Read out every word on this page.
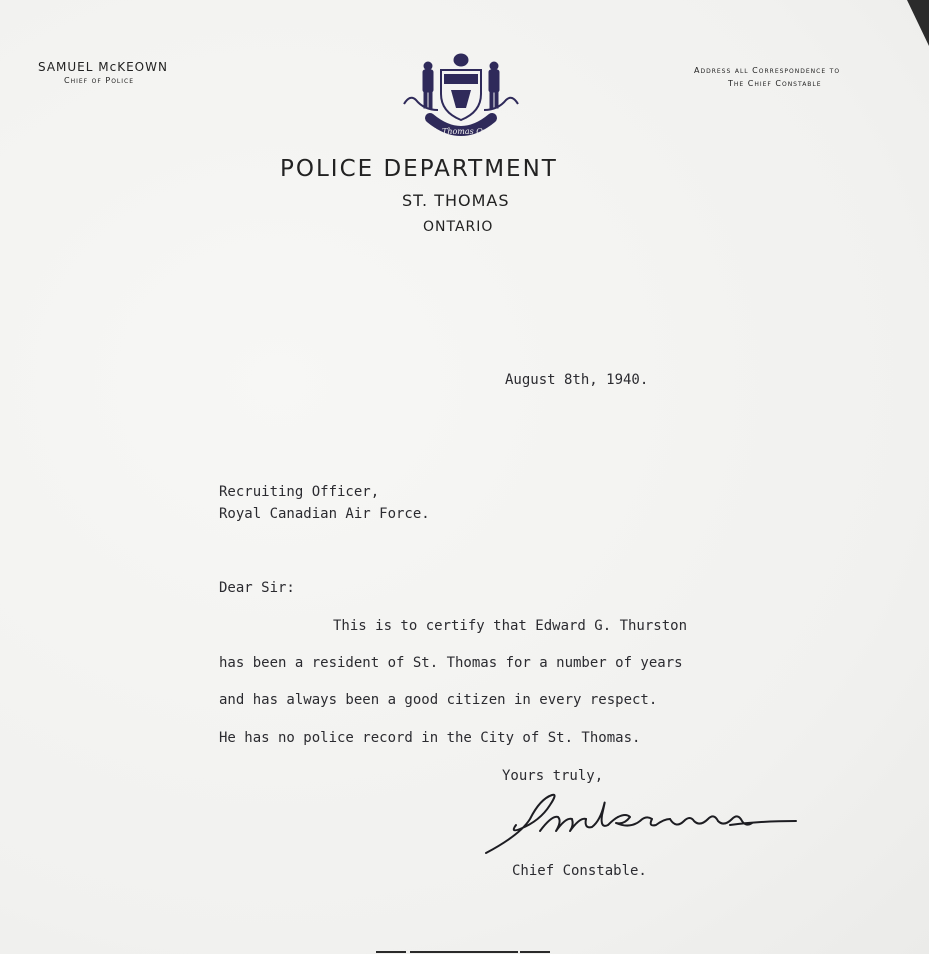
SAMUEL McKEOWN
Chief of Police
Address all Correspondence to
The Chief Constable
St. Thomas Ont.
POLICE DEPARTMENT
ST. THOMAS
ONTARIO
August 8th, 1940.
Recruiting Officer,
Royal Canadian Air Force.
Dear Sir:
This is to certify that Edward G. Thurston
has been a resident of St. Thomas for a number of years
and has always been a good citizen in every respect.
He has no police record in the City of St. Thomas.
Yours truly,
Chief Constable.
